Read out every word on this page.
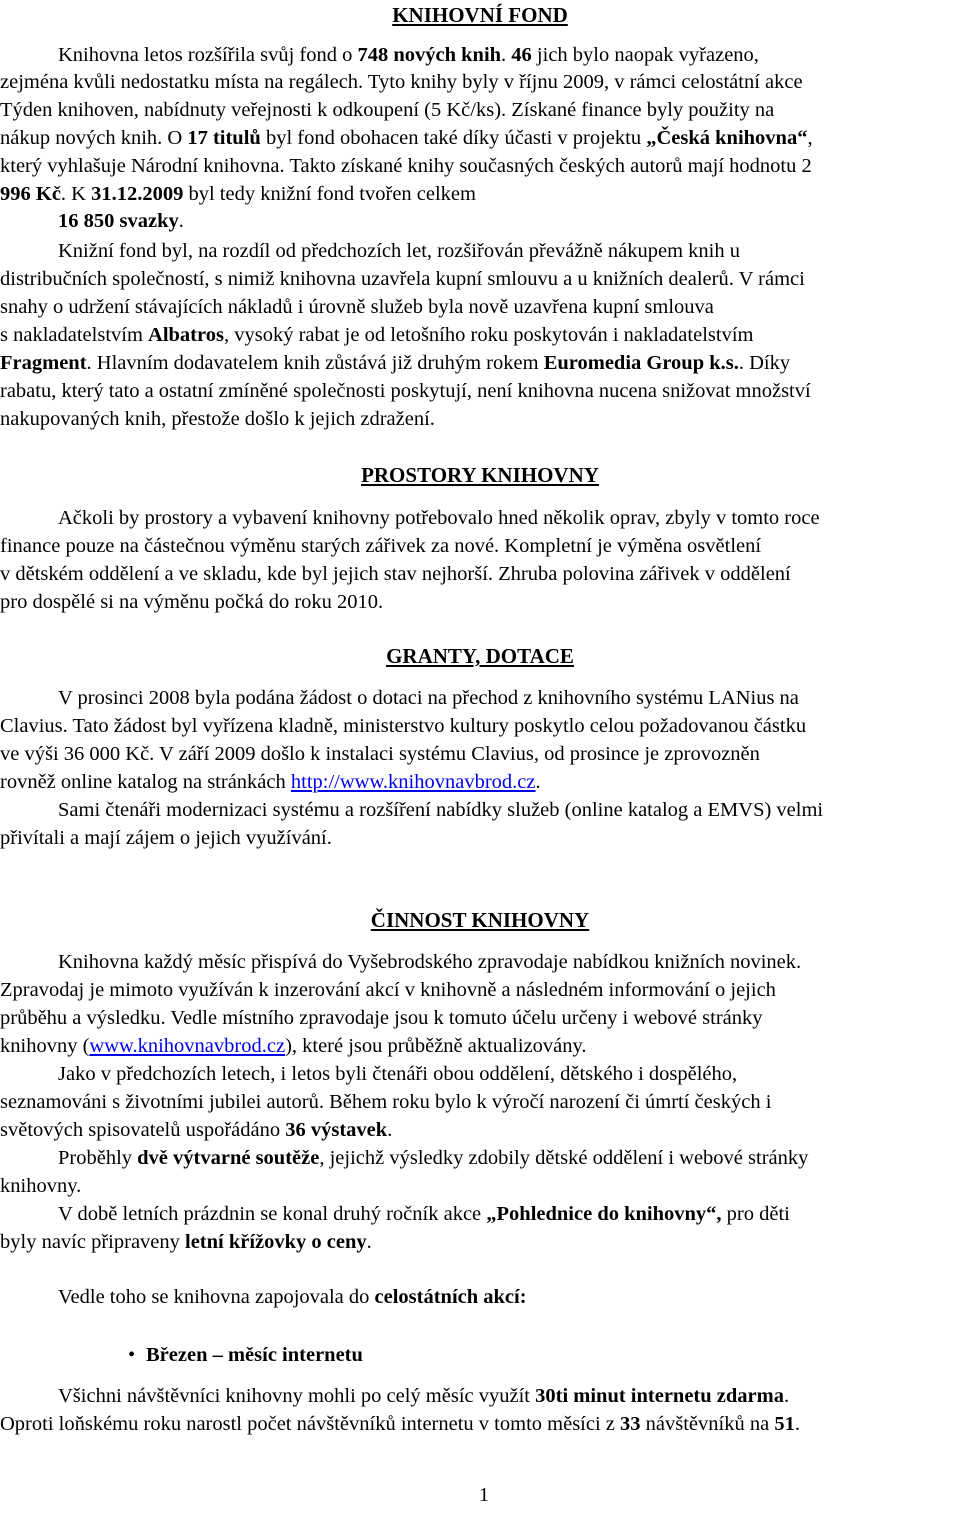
KNIHOVNÍ FOND
Knihovna letos rozšířila svůj fond o 748 nových knih. 46 jich bylo naopak vyřazeno,
zejména kvůli nedostatku místa na regálech. Tyto knihy byly v říjnu 2009, v rámci celostátní akce
Týden knihoven, nabídnuty veřejnosti k odkoupení (5 Kč/ks). Získané finance byly použity na
nákup nových knih. O 17 titulů byl fond obohacen také díky účasti v projektu „Česká knihovna“,
který vyhlašuje Národní knihovna. Takto získané knihy současných českých autorů mají hodnotu 2
996 Kč. K 31.12.2009 byl tedy knižní fond tvořen celkem
16 850 svazky.
Knižní fond byl, na rozdíl od předchozích let, rozšiřován převážně nákupem knih u
distribučních společností, s nimiž knihovna uzavřela kupní smlouvu a u knižních dealerů. V rámci
snahy o udržení stávajících nákladů i úrovně služeb byla nově uzavřena kupní smlouva
s nakladatelstvím Albatros, vysoký rabat je od letošního roku poskytován i nakladatelstvím
Fragment. Hlavním dodavatelem knih zůstává již druhým rokem Euromedia Group k.s.. Díky
rabatu, který tato a ostatní zmíněné společnosti poskytují, není knihovna nucena snižovat množství
nakupovaných knih, přestože došlo k jejich zdražení.
PROSTORY KNIHOVNY
Ačkoli by prostory a vybavení knihovny potřebovalo hned několik oprav, zbyly v tomto roce
finance pouze na částečnou výměnu starých zářivek za nové. Kompletní je výměna osvětlení
v dětském oddělení a ve skladu, kde byl jejich stav nejhorší. Zhruba polovina zářivek v oddělení
pro dospělé si na výměnu počká do roku 2010.
GRANTY, DOTACE
V prosinci 2008 byla podána žádost o dotaci na přechod z knihovního systému LANius na
Clavius. Tato žádost byl vyřízena kladně, ministerstvo kultury poskytlo celou požadovanou částku
ve výši 36 000 Kč. V září 2009 došlo k instalaci systému Clavius, od prosince je zprovozněn
rovněž online katalog na stránkách http://www.knihovnavbrod.cz.
Sami čtenáři modernizaci systému a rozšíření nabídky služeb (online katalog a EMVS) velmi
přivítali a mají zájem o jejich využívání.
ČINNOST KNIHOVNY
Knihovna každý měsíc přispívá do Vyšebrodského zpravodaje nabídkou knižních novinek.
Zpravodaj je mimoto využíván k inzerování akcí v knihovně a následném informování o jejich
průběhu a výsledku. Vedle místního zpravodaje jsou k tomuto účelu určeny i webové stránky
knihovny (www.knihovnavbrod.cz), které jsou průběžně aktualizovány.
Jako v předchozích letech, i letos byli čtenáři obou oddělení, dětského i dospělého,
seznamováni s životními jubilei autorů. Během roku bylo k výročí narození či úmrtí českých i
světových spisovatelů uspořádáno 36 výstavek.
Proběhly dvě výtvarné soutěže, jejichž výsledky zdobily dětské oddělení i webové stránky
knihovny.
V době letních prázdnin se konal druhý ročník akce „Pohlednice do knihovny“, pro děti
byly navíc připraveny letní křížovky o ceny.
Vedle toho se knihovna zapojovala do celostátních akcí:
• Březen – měsíc internetu
Všichni návštěvníci knihovny mohli po celý měsíc využít 30ti minut internetu zdarma.
Oproti loňskému roku narostl počet návštěvníků internetu v tomto měsíci z 33 návštěvníků na 51.
1
